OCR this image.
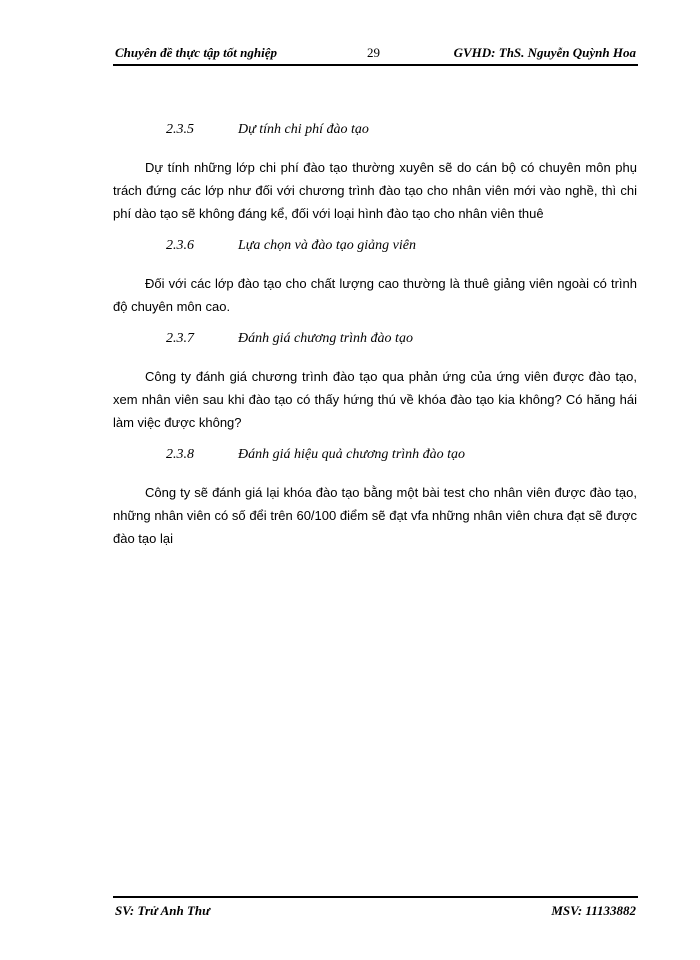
Chuyên đề thực tập tốt nghiệp	29	GVHD: ThS. Nguyễn Quỳnh Hoa
2.3.5	Dự tính chi phí đào tạo

Dự tính những lớp chi phí đào tạo thường xuyên sẽ do cán bộ có chuyên môn phụ trách đứng các lớp như đối với chương trình đào tạo cho nhân viên mới vào nghề, thì chi phí dào tạo sẽ không đáng kể, đối với loại hình đào tạo cho nhân viên thuê

2.3.6	Lựa chọn và đào tạo giảng viên

Đối với các lớp đào tạo cho chất lượng cao thường là thuê giảng viên ngoài có trình độ chuyên môn cao.

2.3.7	Đánh giá chương trình đào tạo

Công ty đánh giá chương trình đào tạo qua phản ứng của ứng viên được đào tạo, xem nhân viên sau khi đào tạo có thấy hứng thú về khóa đào tạo kia không? Có hăng hái làm việc được không?

2.3.8	Đánh giá hiệu quả chương trình đào tạo

Công ty sẽ đánh giá lại khóa đào tạo bằng một bài test cho nhân viên được đào tạo, những nhân viên có số đểi trên 60/100 điểm sẽ đạt vfa những nhân viên chưa đạt sẽ được đào tạo lại

SV: Trử Anh Thư	MSV: 11133882
